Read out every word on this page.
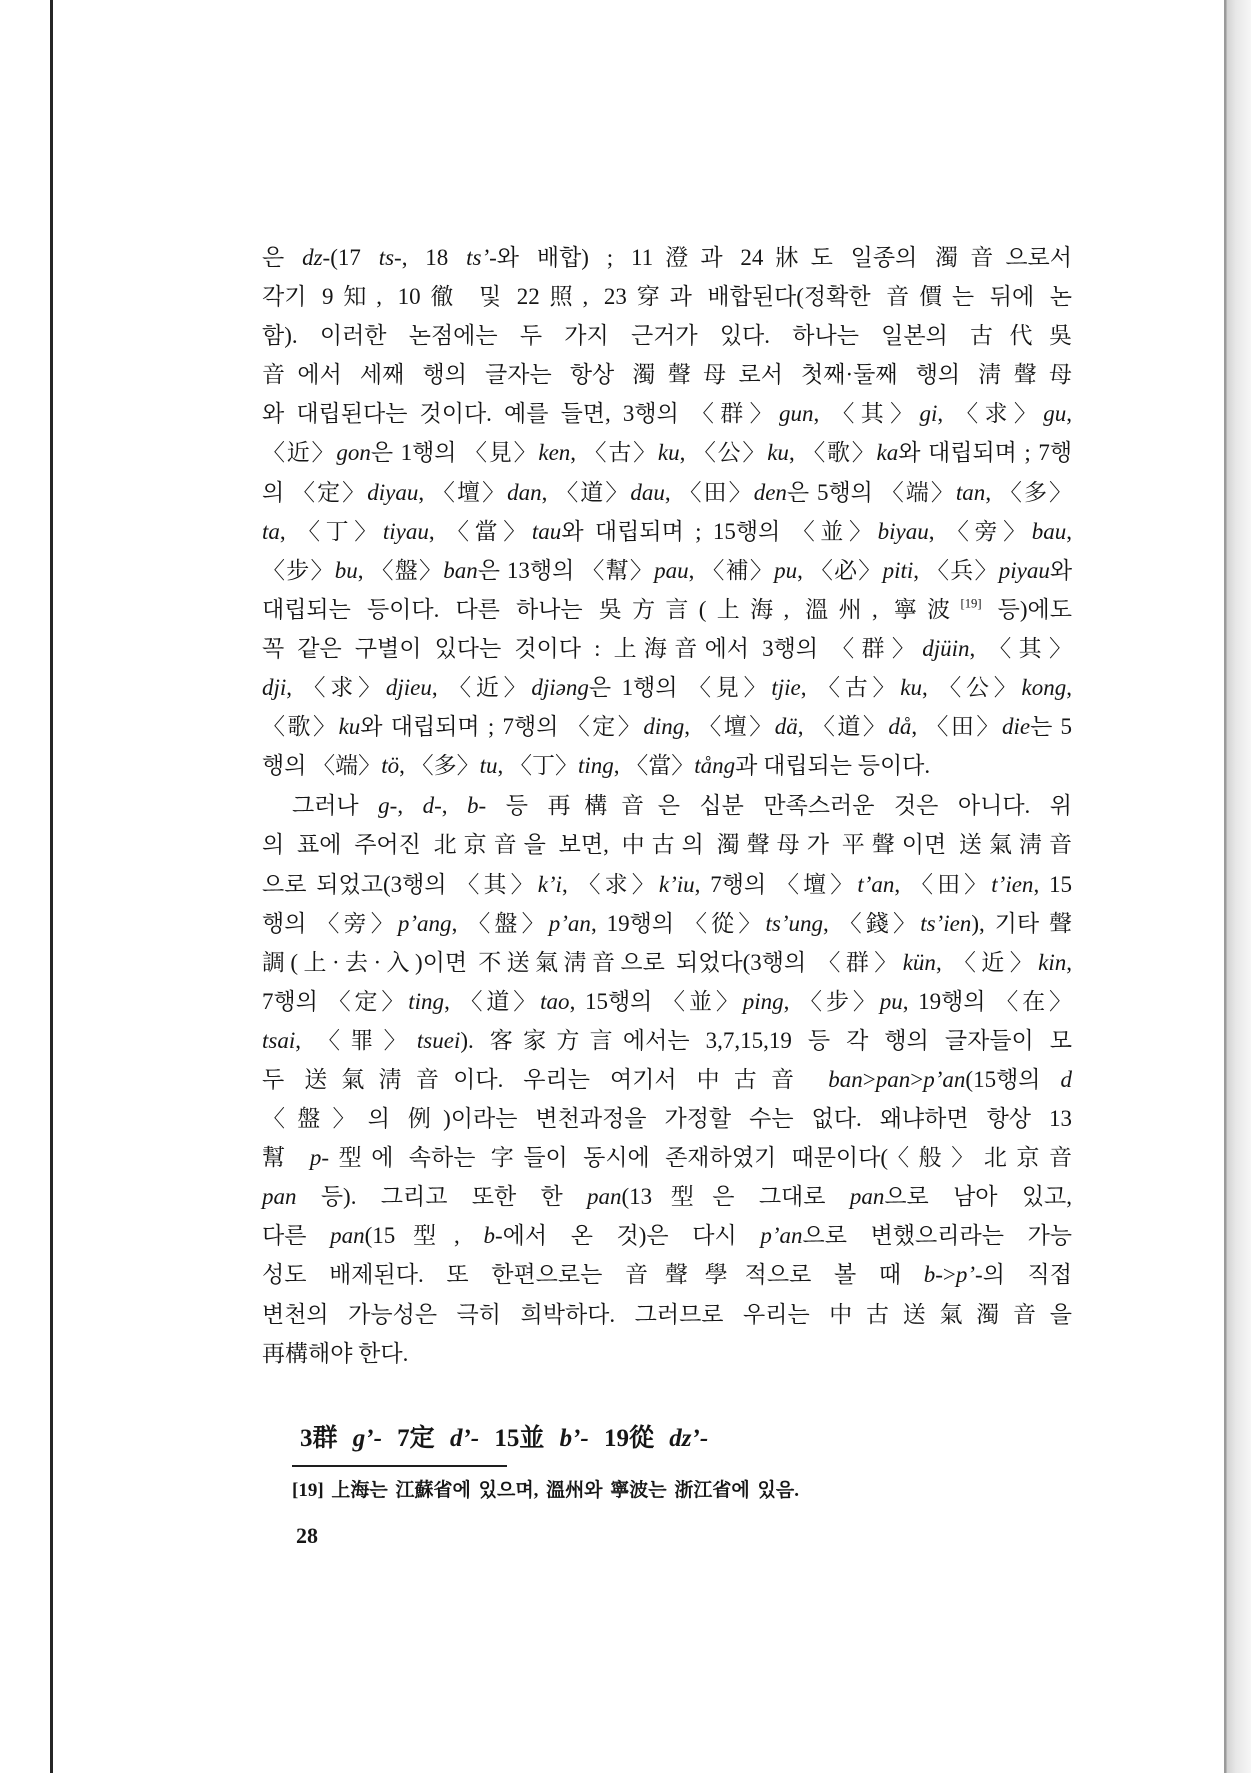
은 dz-(17 ts-, 18 ts’-와 배합) ; 11澄과 24牀도 일종의 濁音으로서
각기 9知, 10徹 및 22照, 23穿과 배합된다(정확한 音價는 뒤에 논
함). 이러한 논점에는 두 가지 근거가 있다. 하나는 일본의 古代吳
音에서 세째 행의 글자는 항상 濁聲母로서 첫째·둘째 행의 淸聲母
와 대립된다는 것이다. 예를 들면, 3행의 〈群〉gun, 〈其〉gi, 〈求〉gu,
〈近〉gon은 1행의 〈見〉ken, 〈古〉ku, 〈公〉ku, 〈歌〉ka와 대립되며 ; 7행
의 〈定〉diyau, 〈壇〉dan, 〈道〉dau, 〈田〉den은 5행의 〈端〉tan, 〈多〉
ta, 〈丁〉tiyau, 〈當〉tau와 대립되며 ; 15행의 〈並〉biyau, 〈旁〉bau,
〈步〉bu, 〈盤〉ban은 13행의 〈幫〉pau, 〈補〉pu, 〈必〉piti, 〈兵〉piyau와
대립되는 등이다. 다른 하나는 吳方言(上海, 溫州, 寧波[19] 등)에도
꼭 같은 구별이 있다는 것이다 : 上海音에서 3행의 〈群〉djüin, 〈其〉
dji, 〈求〉djieu, 〈近〉djiəng은 1행의 〈見〉tjie, 〈古〉ku, 〈公〉kong,
〈歌〉ku와 대립되며 ; 7행의 〈定〉ding, 〈壇〉dä, 〈道〉då, 〈田〉die는 5
행의 〈端〉tö, 〈多〉tu, 〈丁〉ting, 〈當〉tång과 대립되는 등이다.
그러나 g-, d-, b- 등 再構音은 십분 만족스러운 것은 아니다. 위
의 표에 주어진 北京音을 보면, 中古의 濁聲母가 平聲이면 送氣淸音
으로 되었고(3행의 〈其〉k’i, 〈求〉k’iu, 7행의 〈壇〉t’an, 〈田〉t’ien, 15
행의 〈旁〉p’ang, 〈盤〉p’an, 19행의 〈從〉ts’ung, 〈錢〉ts’ien), 기타 聲
調(上·去·入)이면 不送氣淸音으로 되었다(3행의 〈群〉kün, 〈近〉kin,
7행의 〈定〉ting, 〈道〉tao, 15행의 〈並〉ping, 〈步〉pu, 19행의 〈在〉
tsai, 〈罪〉tsuei). 客家方言에서는 3,7,15,19 등 각 행의 글자들이 모
두 送氣淸音이다. 우리는 여기서 中古音 ban>pan>p’an(15행의 d
〈盤〉의 例)이라는 변천과정을 가정할 수는 없다. 왜냐하면 항상 13
幫 p-型에 속하는 字들이 동시에 존재하였기 때문이다(〈般〉北京音
pan 등). 그리고 또한 한 pan(13型은 그대로 pan으로 남아 있고,
다른 pan(15型, b-에서 온 것)은 다시 p’an으로 변했으리라는 가능
성도 배제된다. 또 한편으로는 音聲學적으로 볼 때 b->p’-의 직접
변천의 가능성은 극히 희박하다. 그러므로 우리는 中古送氣濁音을
再構해야 한다.
3群 g’- 7定 d’- 15並 b’- 19從 dz’-
[19] 上海는 江蘇省에 있으며, 溫州와 寧波는 浙江省에 있음.
28
